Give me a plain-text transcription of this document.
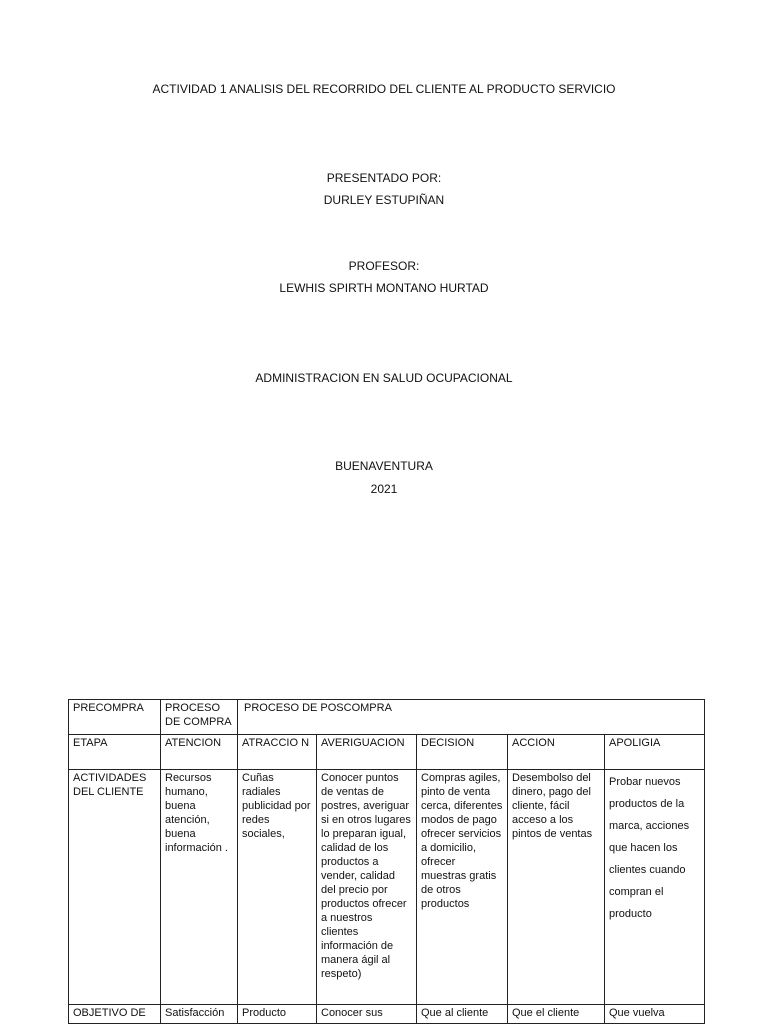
ACTIVIDAD 1 ANALISIS DEL RECORRIDO DEL CLIENTE AL PRODUCTO SERVICIO
PRESENTADO POR:
DURLEY ESTUPIÑAN
PROFESOR:
LEWHIS SPIRTH MONTANO HURTAD
ADMINISTRACION EN SALUD OCUPACIONAL
BUENAVENTURA
2021
PRECOMPRA	PROCESO DE COMPRA	PROCESO DE POSCOMPRA				
ETAPA	ATENCION	ATRACCIO N	AVERIGUACION	DECISION	ACCION	APOLIGIA
ACTIVIDADES DEL CLIENTE	Recursos humano, buena atención, buena información .	Cuñas radiales publicidad por redes sociales,	Conocer puntos de ventas de postres, averiguar si en otros lugares lo preparan igual, calidad de los productos a vender, calidad del precio por productos ofrecer a nuestros clientes información de manera ágil al respeto)	Compras agiles, pinto de venta cerca, diferentes modos de pago ofrecer servicios a domicilio, ofrecer muestras gratis de otros productos	Desembolso del dinero, pago del cliente, fácil acceso a los pintos de ventas	Probar nuevos productos de la marca, acciones que hacen los clientes cuando compran el producto
OBJETIVO DE	Satisfacción	Producto	Conocer sus	Que al cliente	Que el cliente	Que vuelva
